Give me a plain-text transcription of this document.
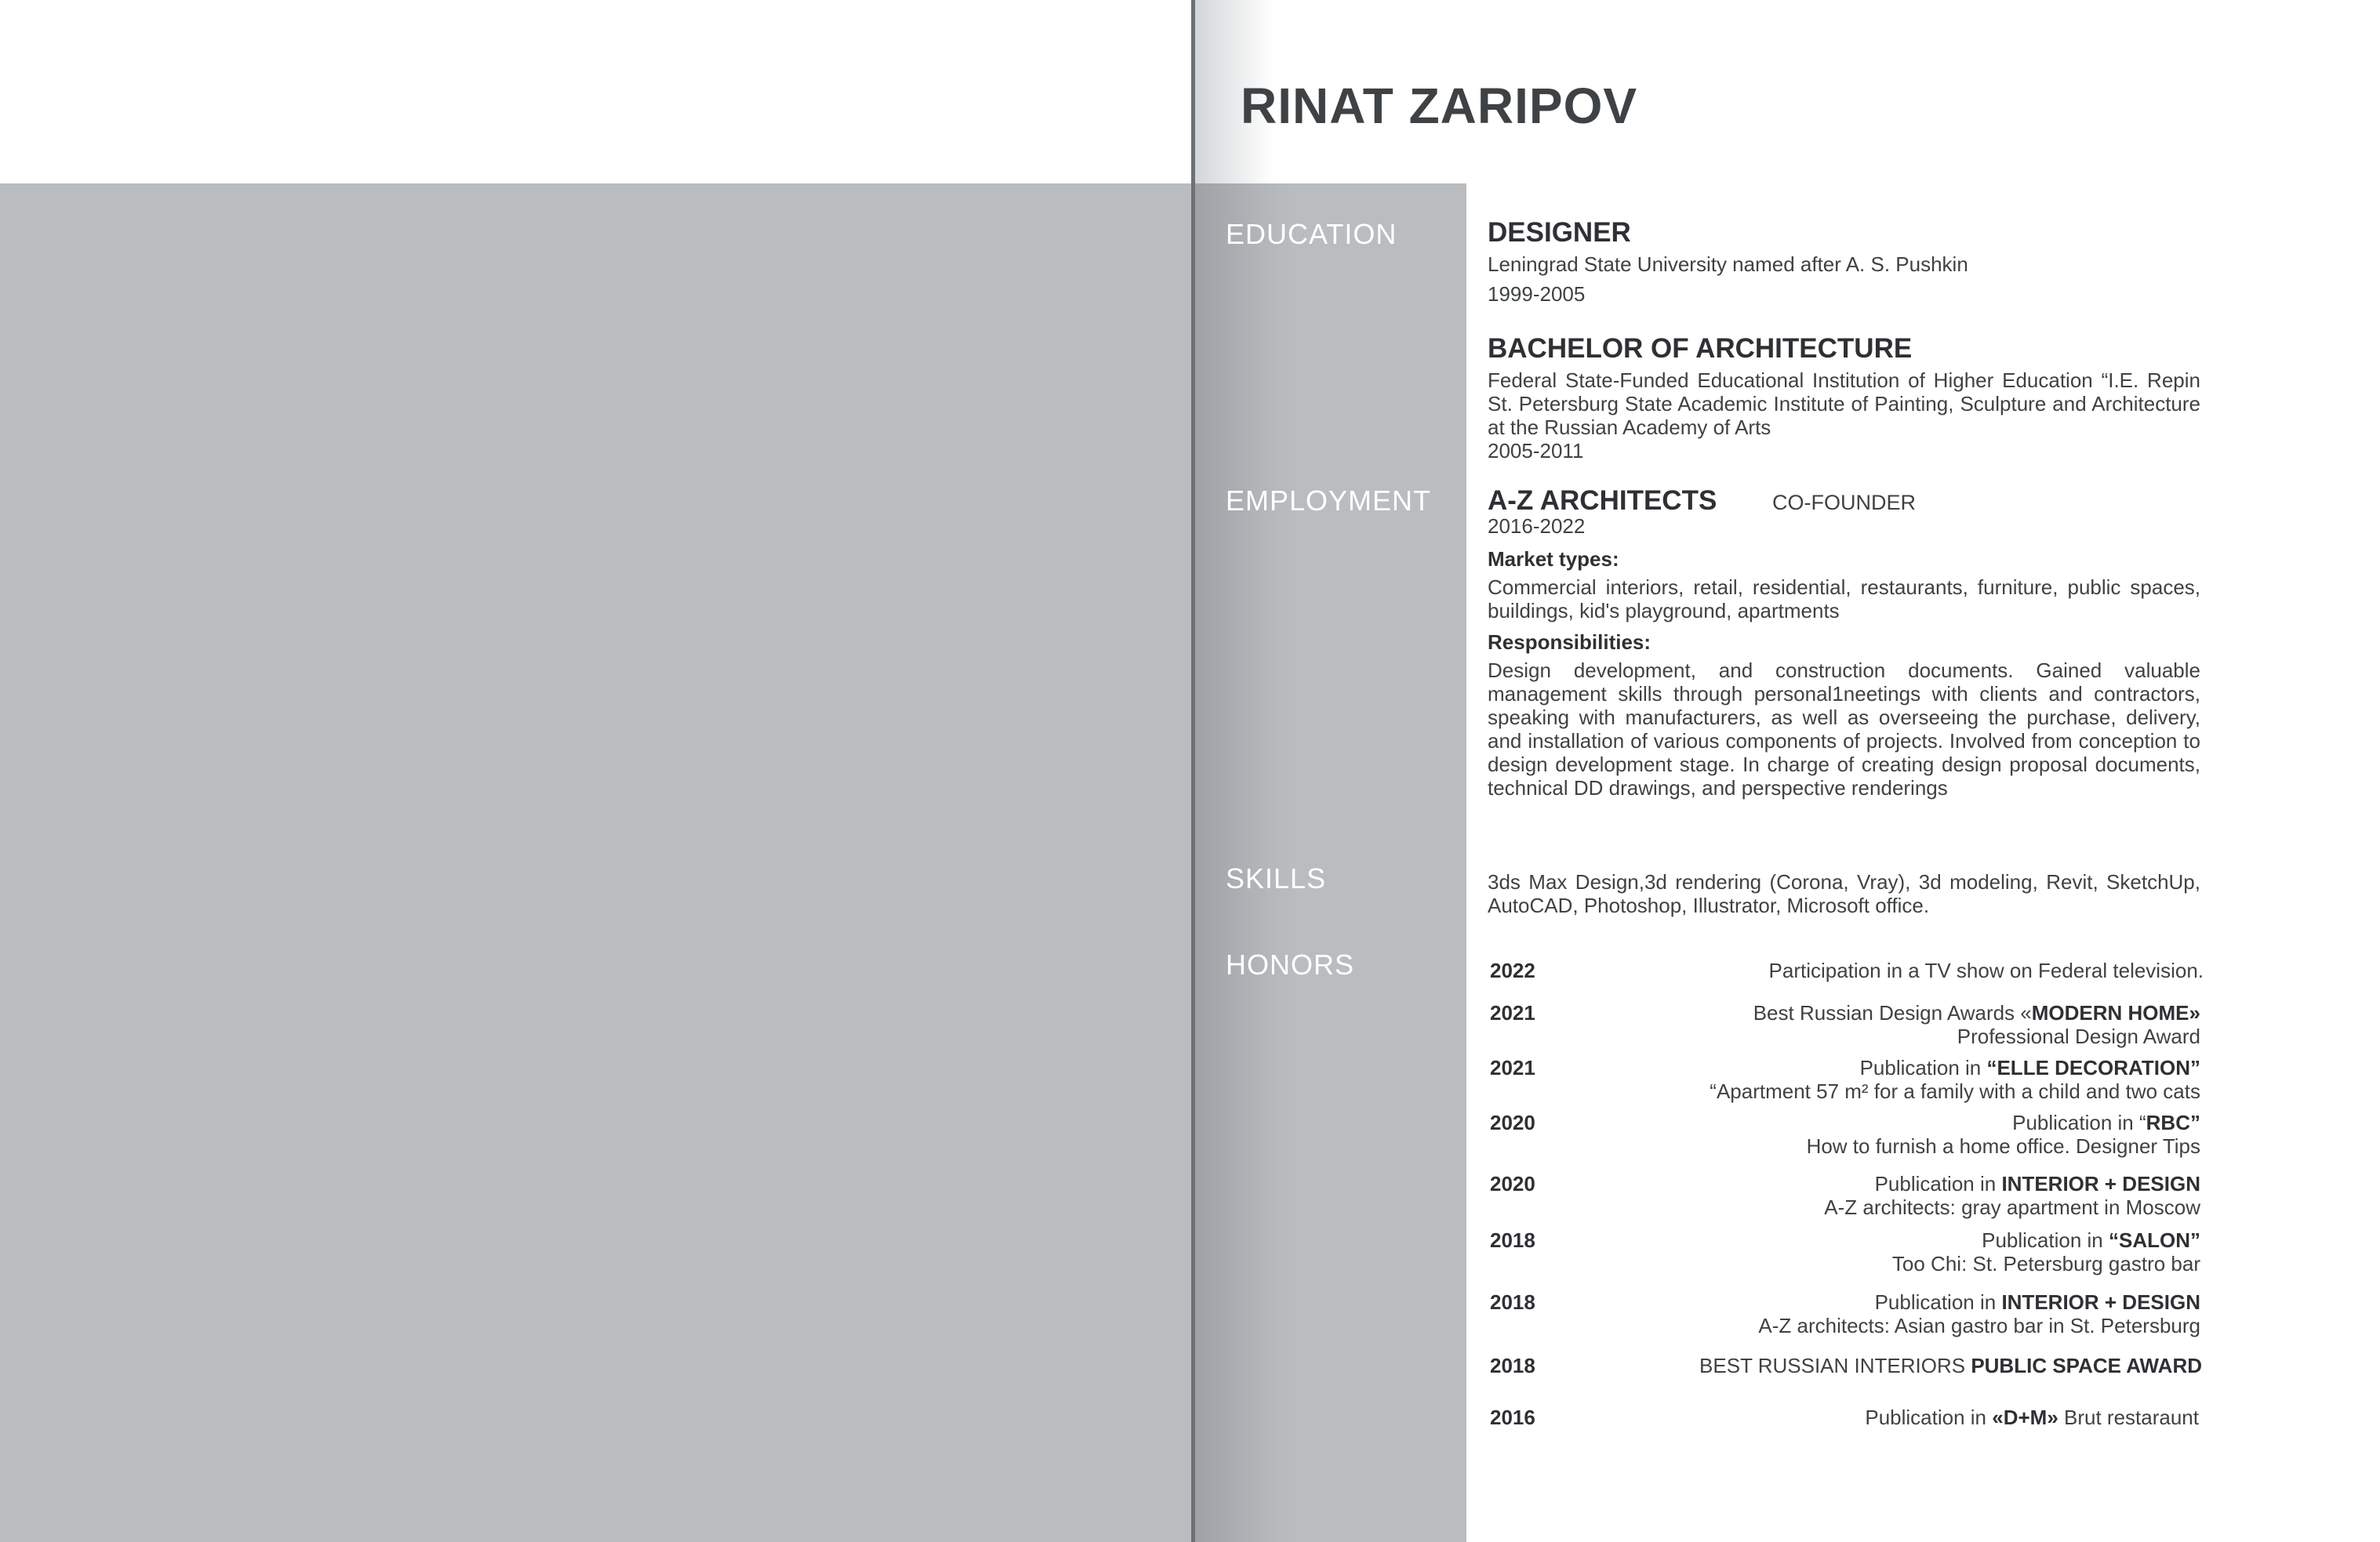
RINAT ZARIPOV
EDUCATION
EMPLOYMENT
SKILLS
HONORS

DESIGNER

Leningrad State University named after A. S. Pushkin

1999-2005

BACHELOR OF ARCHITECTURE

Federal State-Funded Educational Institution of Higher Education “I.E. Repin St. Petersburg State Academic Institute of Painting, Sculpture and Architecture at the Russian Academy of Arts

2005-2011

A-Z ARCHITECTS

2016-2022

Market types:

Commercial interiors, retail, residential, restaurants, furniture, public spaces, buildings, kid's playground, apartments

Responsibilities:

Design development, and construction documents. Gained valuable management skills through personal1neetings with clients and contractors, speaking with manufacturers, as well as overseeing the purchase, delivery, and installation of various components of projects. Involved from conception to design development stage. In charge of creating design proposal documents, technical DD drawings, and perspective renderings

CO-FOUNDER

3ds Max Design,3d rendering (Corona, Vray), 3d modeling, Revit, SketchUp, AutoCAD, Photoshop, Illustrator, Microsoft office.

2022	Participation in a TV show on Federal television.
2021	Best Russian Design Awards «MODERN HOME»
Professional Design Award
2021	Publication in “ELLE DECORATION”
“Apartment 57 m² for a family with a child and two cats
2020	Publication in “RBC”
How to furnish a home office. Designer Tips
2020	Publication in INTERIOR + DESIGN
A-Z architects: gray apartment in Moscow
2018	Publication in “SALON”
Too Chi: St. Petersburg gastro bar
2018	Publication in INTERIOR + DESIGN
A-Z architects: Asian gastro bar in St. Petersburg
2018	BEST RUSSIAN INTERIORS PUBLIC SPACE AWARD
2016	Publication in «D+M» Brut restaraunt
